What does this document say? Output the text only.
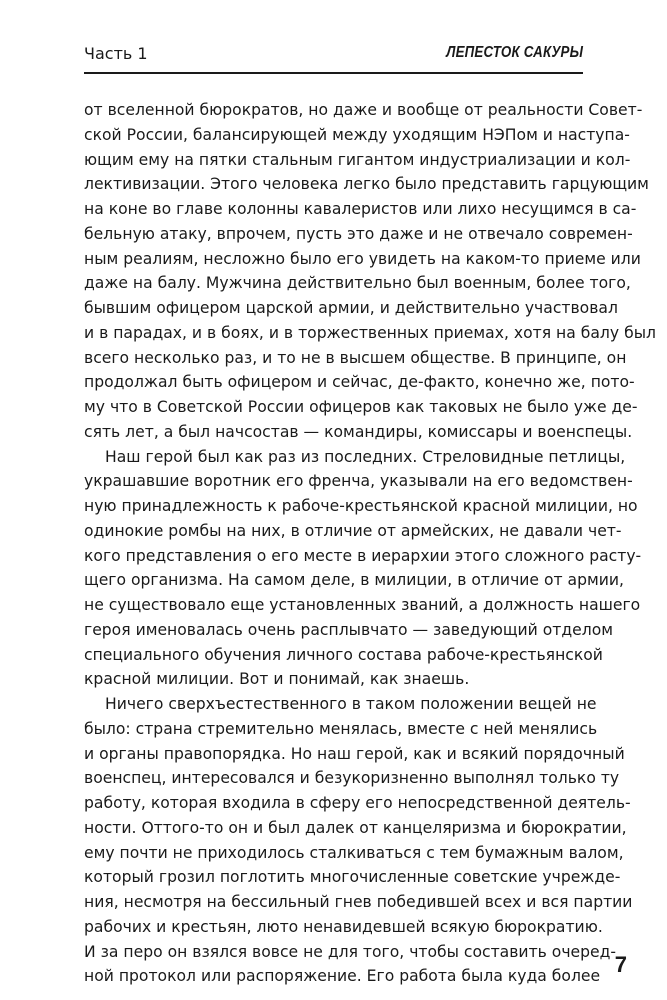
Часть 1	ЛЕПЕСТОК САКУРЫ
от вселенной бюрократов, но даже и вообще от реальности Совет-
ской России, балансирующей между уходящим НЭПом и наступа-
ющим ему на пятки стальным гигантом индустриализации и кол-
лективизации. Этого человека легко было представить гарцующим
на коне во главе колонны кавалеристов или лихо несущимся в са-
бельную атаку, впрочем, пусть это даже и не отвечало современ-
ным реалиям, несложно было его увидеть на каком-то приеме или
даже на балу. Мужчина действительно был военным, более того,
бывшим офицером царской армии, и действительно участвовал
и в парадах, и в боях, и в торжественных приемах, хотя на балу был
всего несколько раз, и то не в высшем обществе. В принципе, он
продолжал быть офицером и сейчас, де-факто, конечно же, пото-
му что в Советской России офицеров как таковых не было уже де-
сять лет, а был начсостав — командиры, комиссары и военспецы.
Наш герой был как раз из последних. Стреловидные петлицы,
украшавшие воротник его френча, указывали на его ведомствен-
ную принадлежность к рабоче-крестьянской красной милиции, но
одинокие ромбы на них, в отличие от армейских, не давали чет-
кого представления о его месте в иерархии этого сложного расту-
щего организма. На самом деле, в милиции, в отличие от армии,
не существовало еще установленных званий, а должность нашего
героя именовалась очень расплывчато — заведующий отделом
специального обучения личного состава рабоче-крестьянской
красной милиции. Вот и понимай, как знаешь.
Ничего сверхъестественного в таком положении вещей не
было: страна стремительно менялась, вместе с ней менялись
и органы правопорядка. Но наш герой, как и всякий порядочный
военспец, интересовался и безукоризненно выполнял только ту
работу, которая входила в сферу его непосредственной деятель-
ности. Оттого-то он и был далек от канцеляризма и бюрократии,
ему почти не приходилось сталкиваться с тем бумажным валом,
который грозил поглотить многочисленные советские учрежде-
ния, несмотря на бессильный гнев победившей всех и вся партии
рабочих и крестьян, люто ненавидевшей всякую бюрократию.
И за перо он взялся вовсе не для того, чтобы составить очеред-
ной протокол или распоряжение. Его работа была куда более 7
